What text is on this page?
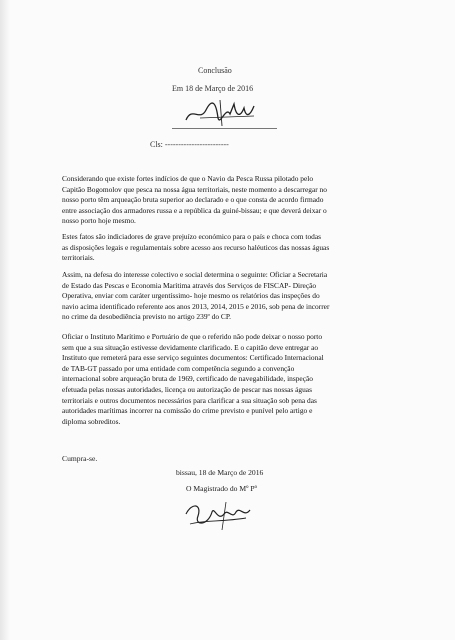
Conclusão
Em 18 de Março de 2016
Cls: ------------------------
Considerando que existe fortes indícios de que o Navio da Pesca Russa pilotado pelo
Capitão Bogomolov que pesca na nossa água territoriais, neste momento a descarregar no
nosso porto têm arqueação bruta superior ao declarado e o que consta de acordo firmado
entre associação dos armadores russa e a república da guiné-bissau; e que deverá deixar o
nosso porto hoje mesmo.
Estes fatos são indiciadores de grave prejuízo económico para o país e choca com todas
as disposições legais e regulamentais sobre acesso aos recurso haléuticos das nossas águas
territoriais.
Assim, na defesa do interesse colectivo e social determina o seguinte: Oficiar a Secretaria
de Estado das Pescas e Economia Marítima através dos Serviços de FISCAP- Direção
Operativa, enviar com caráter urgentíssimo- hoje mesmo os relatórios das inspeções do
navio acima identificado referente aos anos 2013, 2014, 2015 e 2016, sob pena de incorrer
no crime da desobediência previsto no artigo 239º do CP.
Oficiar o Instituto Marítimo e Portuário de que o referido não pode deixar o nosso porto
sem que a sua situação estivesse devidamente clarificado. E o capitão deve entregar ao
Instituto que remeterá para esse serviço seguintes documentos: Certificado Internacional
de TAB-GT passado por uma entidade com competência segundo a convenção
internacional sobre arqueação bruta de 1969, certificado de navegabilidade, inspeção
efetuada pelas nossas autoridades, licença ou autorização de pescar nas nossas águas
territoriais e outros documentos necessários para clarificar a sua situação sob pena das
autoridades marítimas incorrer na comissão do crime previsto e punível pelo artigo e
diploma sobreditos.
Cumpra-se.
bissau, 18 de Março de 2016
O Magistrado do Mº Pº
